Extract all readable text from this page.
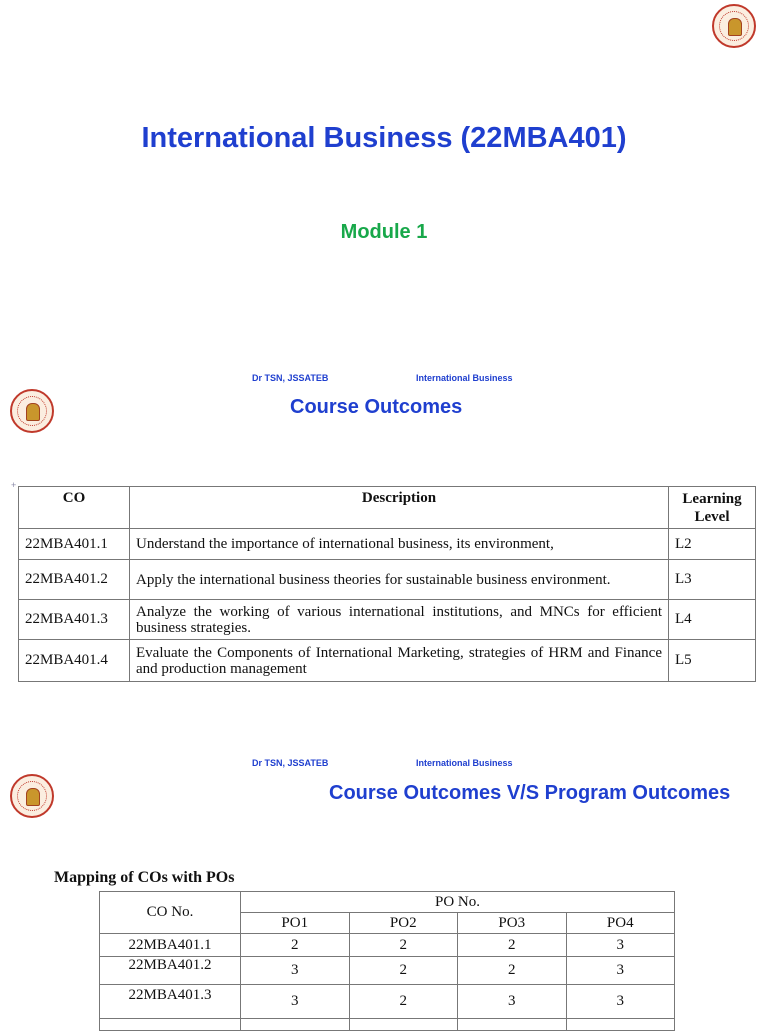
International Business (22MBA401)
Module 1
Dr TSN, JSSATEB	International Business
Course Outcomes
+
CO	Description	Learning Level
22MBA401.1	Understand the importance of international business, its environment,	L2
22MBA401.2	Apply the international business theories for sustainable business environment.	L3
22MBA401.3	Analyze the working of various international institutions, and MNCs for efficient business strategies.	L4
22MBA401.4	Evaluate the Components of International Marketing, strategies of HRM and Finance and production management	L5
Dr TSN, JSSATEB	International Business
Course Outcomes V/S Program Outcomes
Mapping of COs with POs
CO No.	PO No.			
	PO1	PO2	PO3	PO4
22MBA401.1	2	2	2	3
22MBA401.2	3	2	2	3
22MBA401.3	3	2	3	3
